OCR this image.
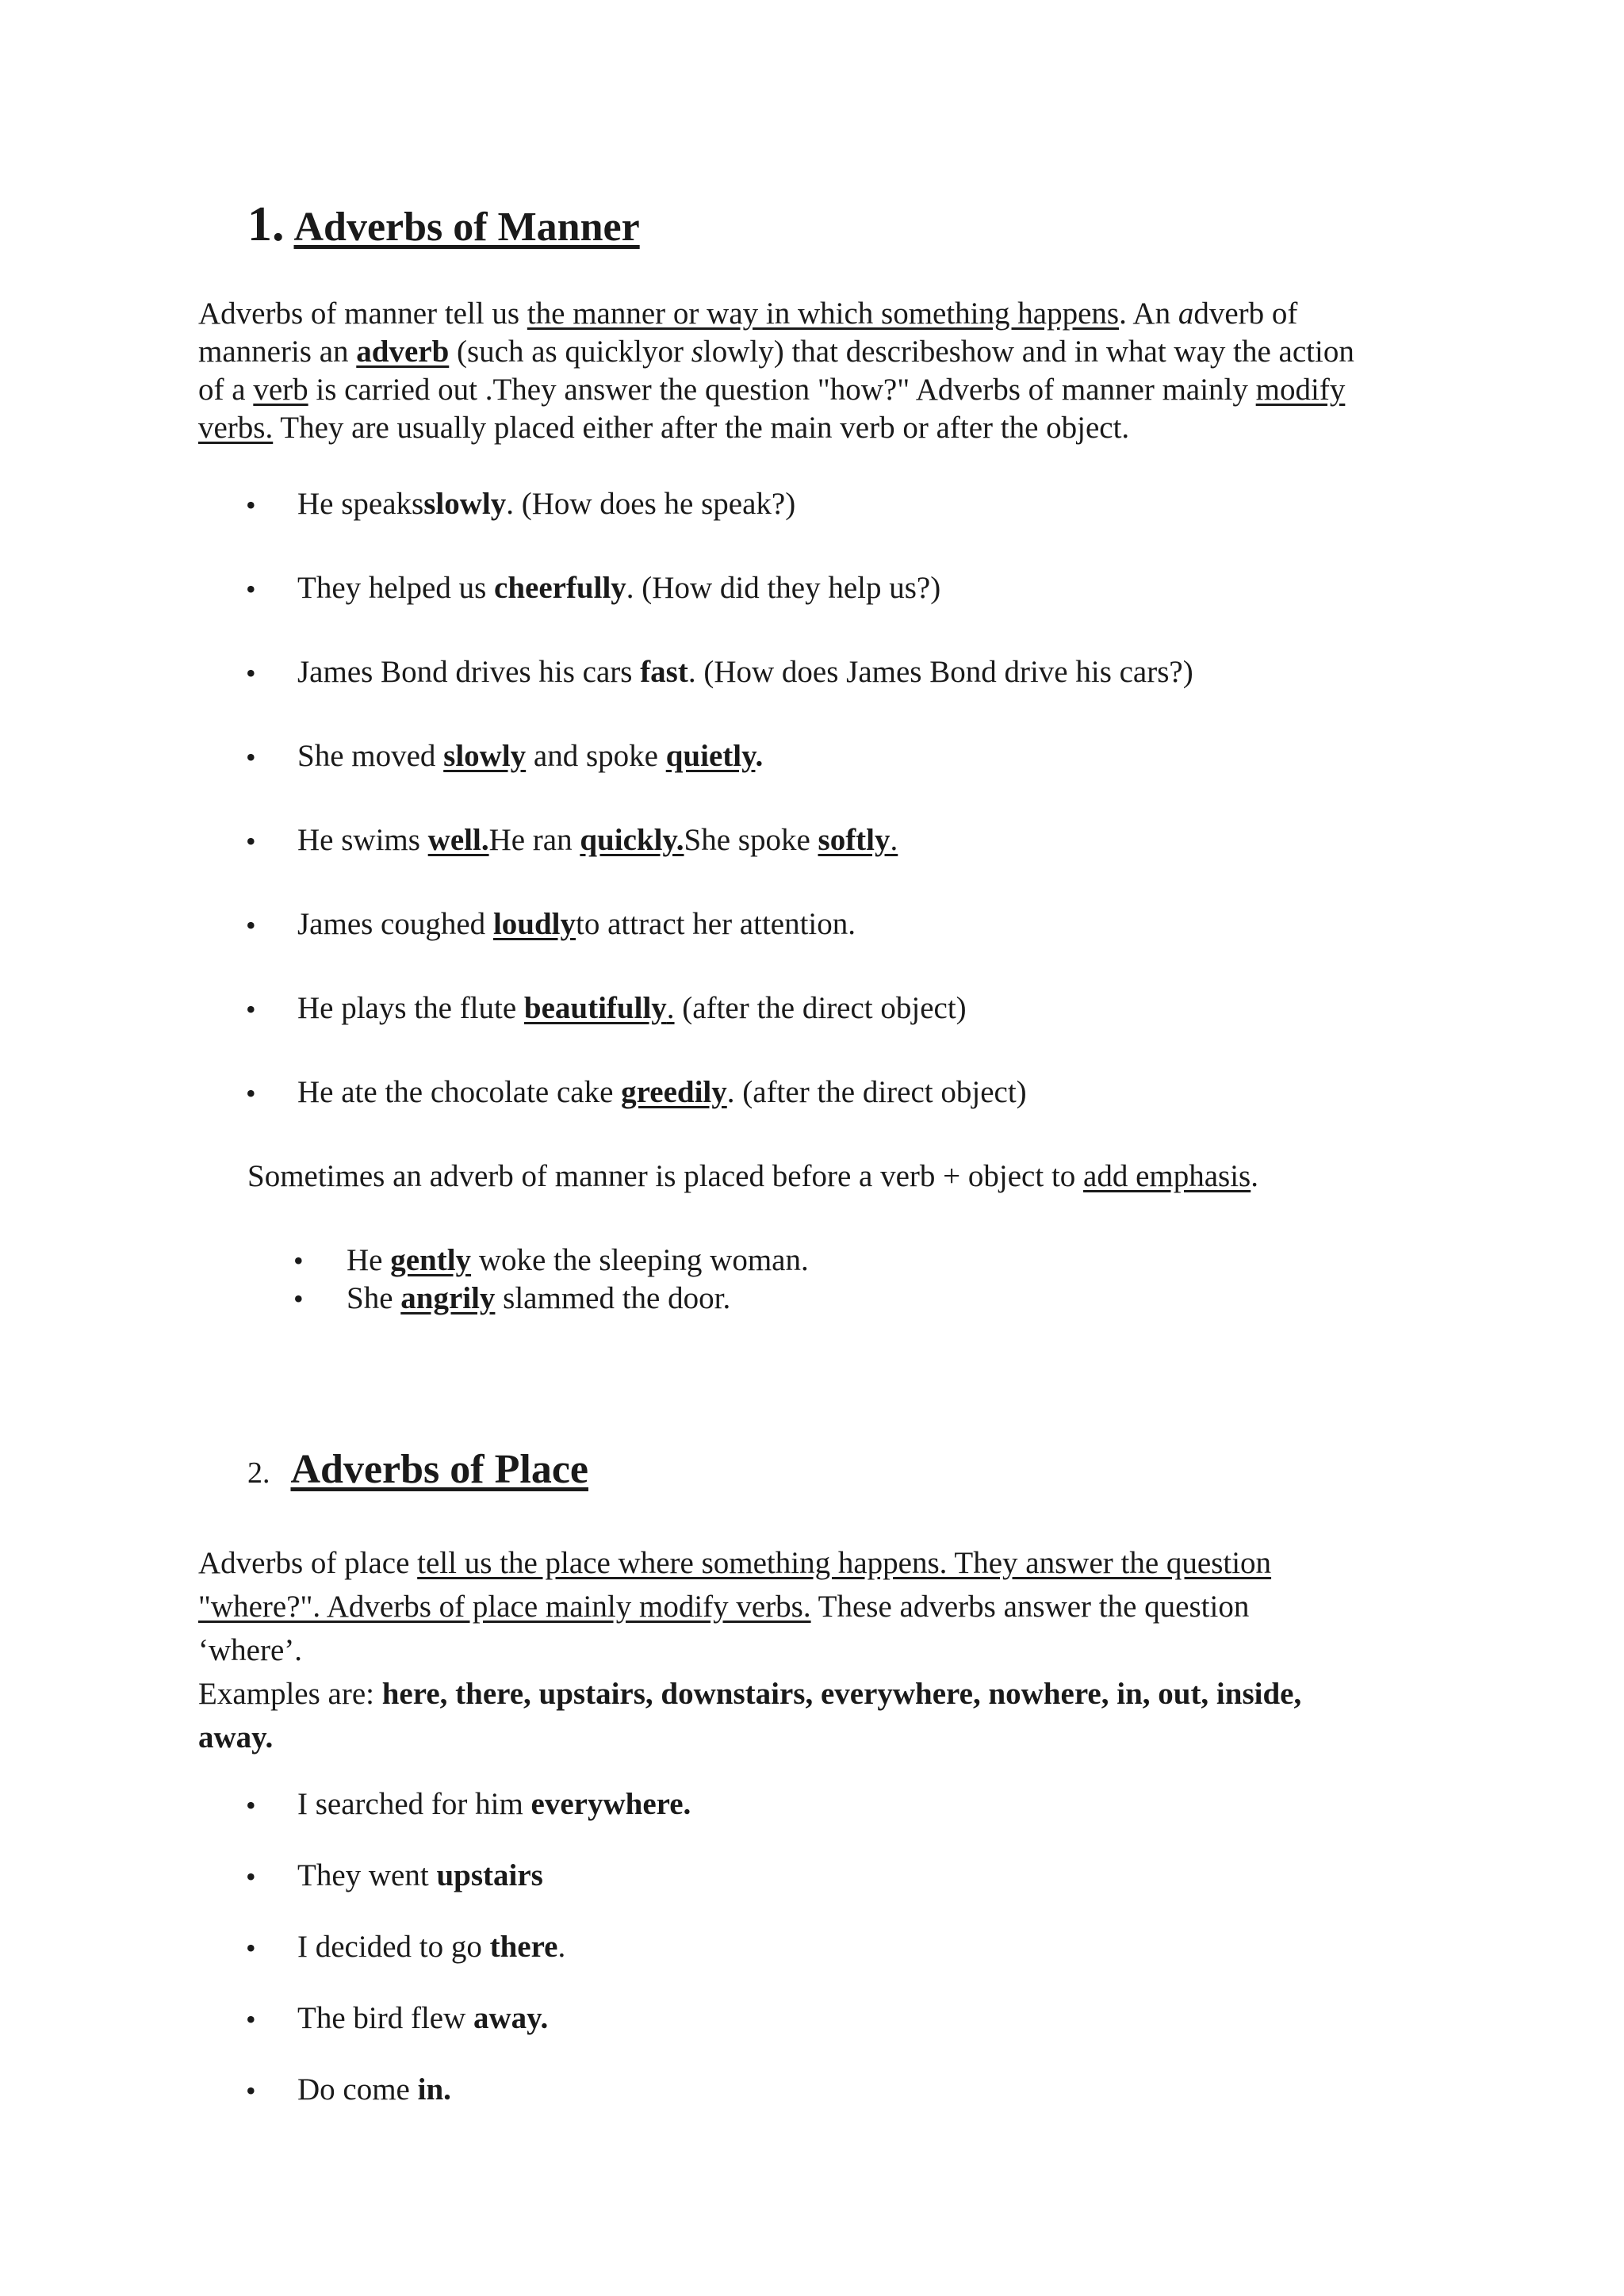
1. Adverbs of Manner
Adverbs of manner tell us the manner or way in which something happens. An adverb of
manneris an adverb (such as quicklyor slowly) that describeshow and in what way the action
of a verb is carried out .They answer the question "how?" Adverbs of manner mainly modify
verbs. They are usually placed either after the main verb or after the object.
• He speaksslowly. (How does he speak?)
• They helped us cheerfully. (How did they help us?)
• James Bond drives his cars fast. (How does James Bond drive his cars?)
• She moved slowly and spoke quietly.
• He swims well.He ran quickly.She spoke softly.
• James coughed loudlyto attract her attention.
• He plays the flute beautifully. (after the direct object)
• He ate the chocolate cake greedily. (after the direct object)
Sometimes an adverb of manner is placed before a verb + object to add emphasis.
• He gently woke the sleeping woman.
• She angrily slammed the door.
2. Adverbs of Place
Adverbs of place tell us the place where something happens. They answer the question
"where?". Adverbs of place mainly modify verbs. These adverbs answer the question
‘where’.
Examples are: here, there, upstairs, downstairs, everywhere, nowhere, in, out, inside,
away.
• I searched for him everywhere.
• They went upstairs
• I decided to go there.
• The bird flew away.
• Do come in.
